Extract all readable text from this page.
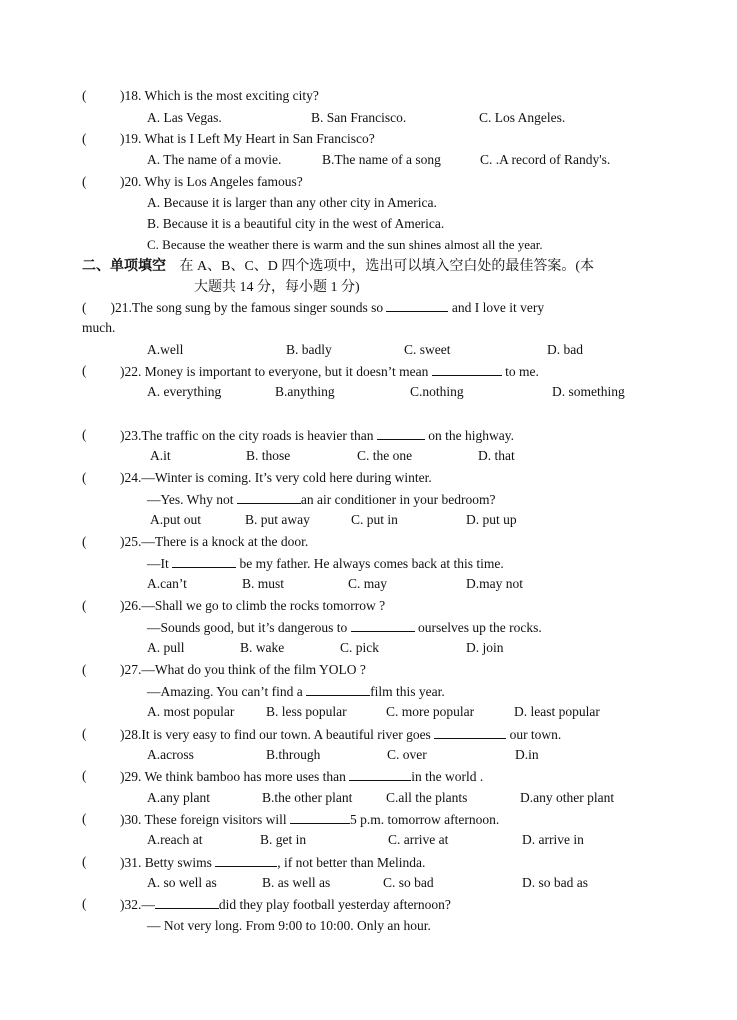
( )18. Which is the most exciting city?
A. Las Vegas.	B. San Francisco.	C. Los Angeles.
( )19. What is I Left My Heart in San Francisco?
A. The name of a movie.	B.The name of a song	C. .A record of Randy's.
( )20. Why is Los Angeles famous?
A. Because it is larger than any other city in America.
B. Because it is a beautiful city in the west of America.
C. Because the weather there is warm and the sun shines almost all the year.
二、单项填空 在 A、B、C、D 四个选项中，选出可以填入空白处的最佳答案。(本
大题共 14 分，每小题 1 分)
( )21.The song sung by the famous singer sounds so	and I love it very
much.
A.well	B. badly	C. sweet	D. bad
( )22. Money is important to everyone, but it doesn’t mean	to me.
A. everything	B.anything	C.nothing	D. something
( )23.The traffic on the city roads is heavier than	on the highway.
A.it	B. those	C. the one	D. that
( )24.—Winter is coming. It’s very cold here during winter.
—Yes. Why not	an air conditioner in your bedroom?
A.put out	B. put away	C. put in	D. put up
( )25.—There is a knock at the door.
—It	be my father. He always comes back at this time.
A.can’t	B. must	C. may	D.may not
( )26.—Shall we go to climb the rocks tomorrow ?
—Sounds good, but it’s dangerous to	ourselves up the rocks.
A. pull	B. wake	C. pick	D. join
( )27.—What do you think of the film YOLO ?
—Amazing. You can’t find a	film this year.
A. most popular B. less popular	C. more popular	D. least popular
( )28.It is very easy to find our town. A beautiful river goes	our town.
A.across	B.through	C. over	D.in
( )29. We think bamboo has more uses than	in the world .
A.any plant	B.the other plant C.all the plants	D.any other plant
( )30. These foreign visitors will	5 p.m. tomorrow afternoon.
A.reach at	B. get in	C. arrive at	D. arrive in
( )31. Betty swims	, if not better than Melinda.
A. so well as	B. as well as	C. so bad	D. so bad as
( )32.—	did they play football yesterday afternoon?
— Not very long. From 9:00 to 10:00. Only an hour.
